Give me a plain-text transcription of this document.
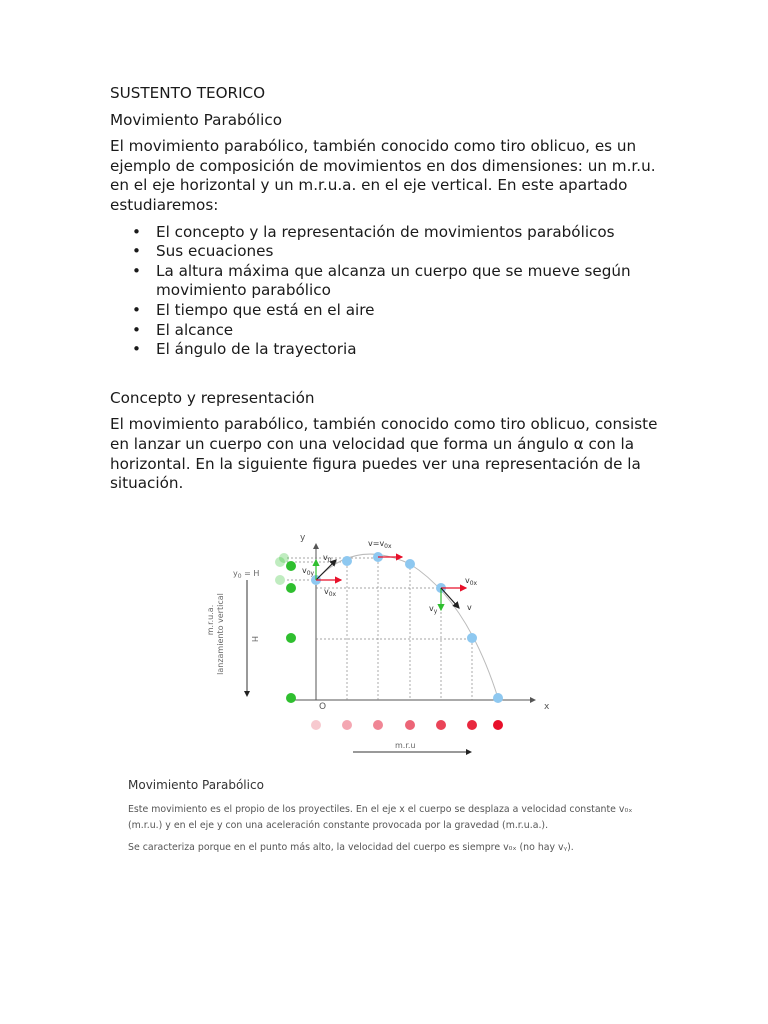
SUSTENTO TEORICO

Movimiento Parabólico

El movimiento parabólico, también conocido como tiro oblicuo, es un ejemplo de composición de movimientos en dos dimensiones: un m.r.u. en el eje horizontal y un m.r.u.a. en el eje vertical. En este apartado estudiaremos:

• El concepto y la representación de movimientos parabólicos
• Sus ecuaciones
• La altura máxima que alcanza un cuerpo que se mueve según movimiento parabólico
• El tiempo que está en el aire
• El alcance
• El ángulo de la trayectoria

Concepto y representación

El movimiento parabólico, también conocido como tiro oblicuo, consiste en lanzar un cuerpo con una velocidad que forma un ángulo α con la horizontal. En la siguiente figura puedes ver una representación de la situación.

y
x
O
$v_0$
$v_{0y}$
$v_{0x}$
$v=v_{0x}$
$v_{0x}$
$v_y$	v
$y_0 = H$
H
m.r.u.a. lanzamiento vertical
m.r.u

Movimiento Parabólico

Este movimiento es el propio de los proyectiles. En el eje x el cuerpo se desplaza a velocidad constante v₀ₓ

(m.r.u.) y en el eje y con una aceleración constante provocada por la gravedad (m.r.u.a.).

Se caracteriza porque en el punto más alto, la velocidad del cuerpo es siempre v₀ₓ (no hay vᵧ).
